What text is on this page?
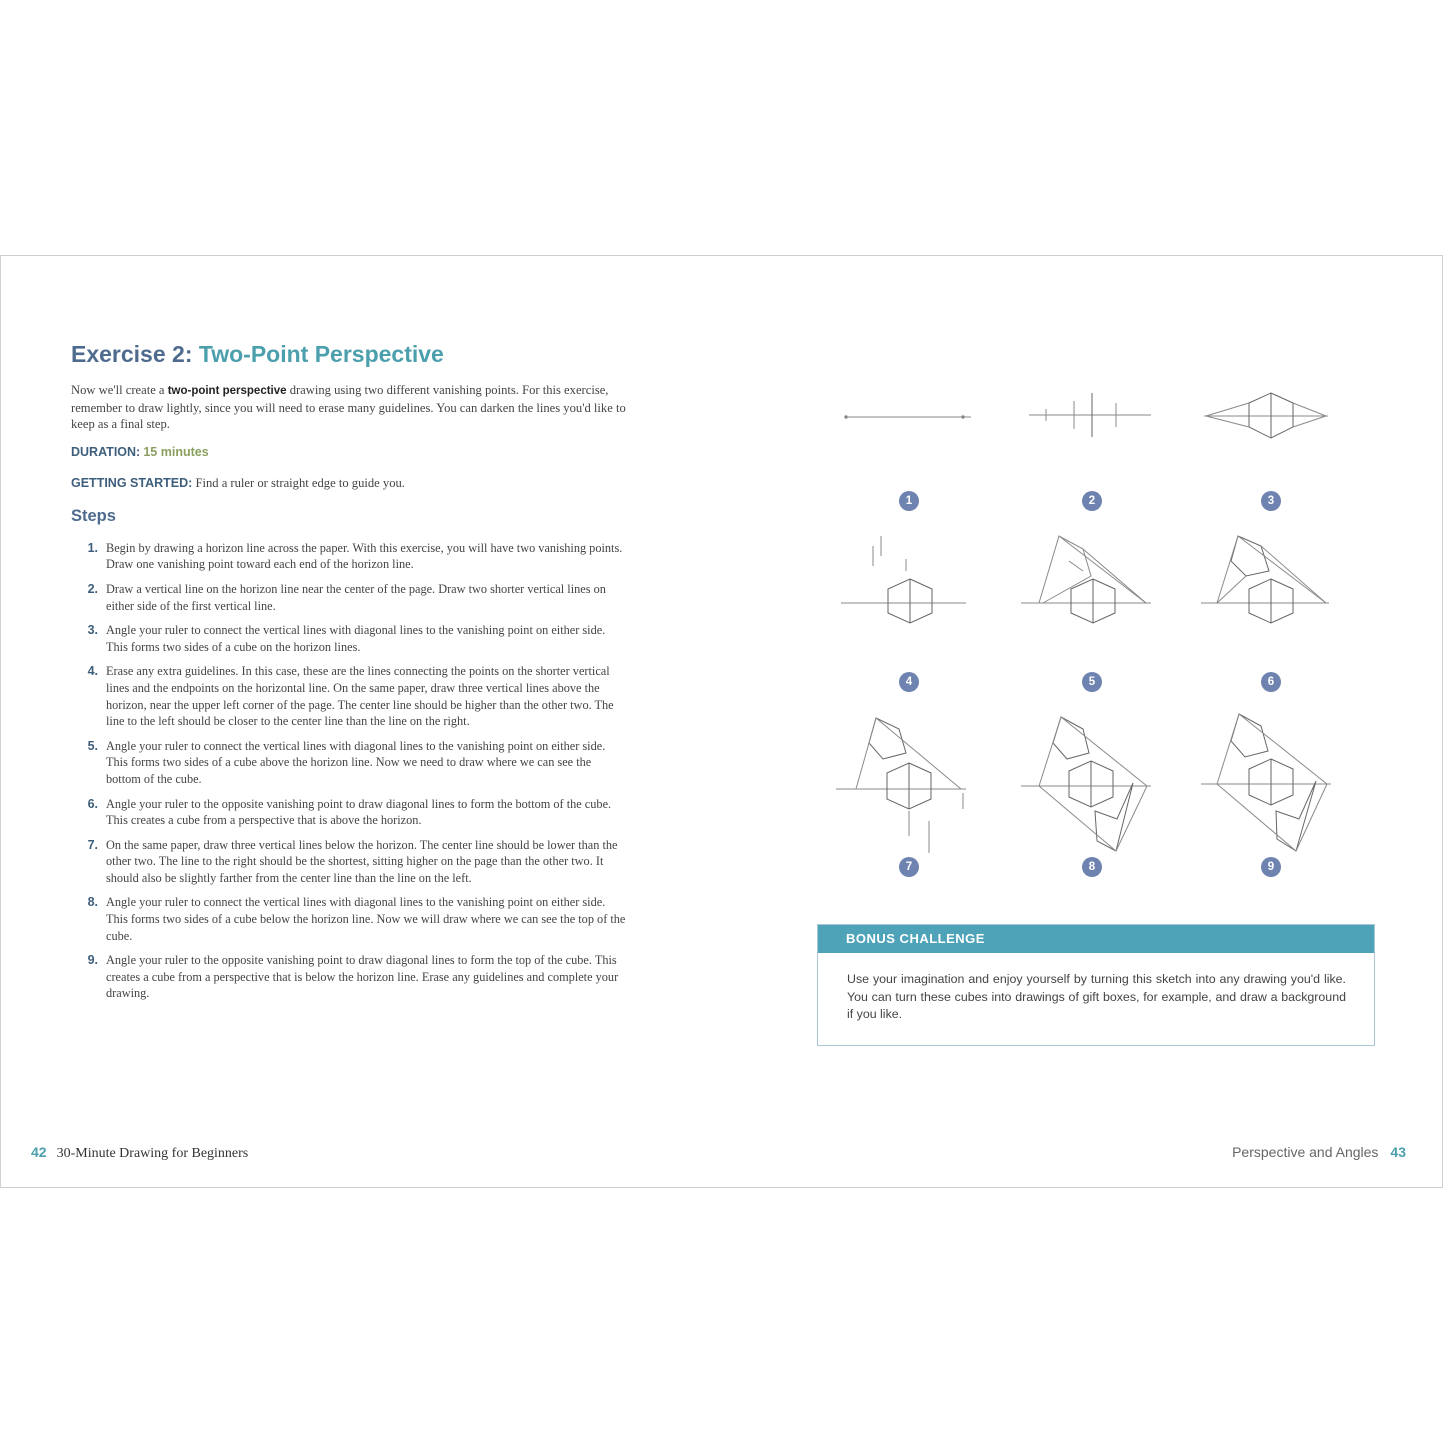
Exercise 2: Two-Point Perspective

Now we'll create a two-point perspective drawing using two different vanishing points. For this exercise, remember to draw lightly, since you will need to erase many guidelines. You can darken the lines you'd like to keep as a final step.

DURATION: 15 minutes

GETTING STARTED: Find a ruler or straight edge to guide you.

Steps
1. Begin by drawing a horizon line across the paper. With this exercise, you will have two vanishing points. Draw one vanishing point toward each end of the horizon line.
2. Draw a vertical line on the horizon line near the center of the page. Draw two shorter vertical lines on either side of the first vertical line.
3. Angle your ruler to connect the vertical lines with diagonal lines to the vanishing point on either side. This forms two sides of a cube on the horizon lines.
4. Erase any extra guidelines. In this case, these are the lines connecting the points on the shorter vertical lines and the endpoints on the horizontal line. On the same paper, draw three vertical lines above the horizon, near the upper left corner of the page. The center line should be higher than the other two. The line to the left should be closer to the center line than the line on the right.
5. Angle your ruler to connect the vertical lines with diagonal lines to the vanishing point on either side. This forms two sides of a cube above the horizon line. Now we need to draw where we can see the bottom of the cube.
6. Angle your ruler to the opposite vanishing point to draw diagonal lines to form the bottom of the cube. This creates a cube from a perspective that is above the horizon.
7. On the same paper, draw three vertical lines below the horizon. The center line should be lower than the other two. The line to the right should be the shortest, sitting higher on the page than the other two. It should also be slightly farther from the center line than the line on the left.
8. Angle your ruler to connect the vertical lines with diagonal lines to the vanishing point on either side. This forms two sides of a cube below the horizon line. Now we will draw where we can see the top of the cube.
9. Angle your ruler to the opposite vanishing point to draw diagonal lines to form the top of the cube. This creates a cube from a perspective that is below the horizon line. Erase any guidelines and complete your drawing.
42 30-Minute Drawing for Beginners	Perspective and Angles 43
1	2	3
4	5	6
7	8	9
BONUS CHALLENGE
Use your imagination and enjoy yourself by turning this sketch into any drawing you'd like. You can turn these cubes into drawings of gift boxes, for example, and draw a background if you like.
